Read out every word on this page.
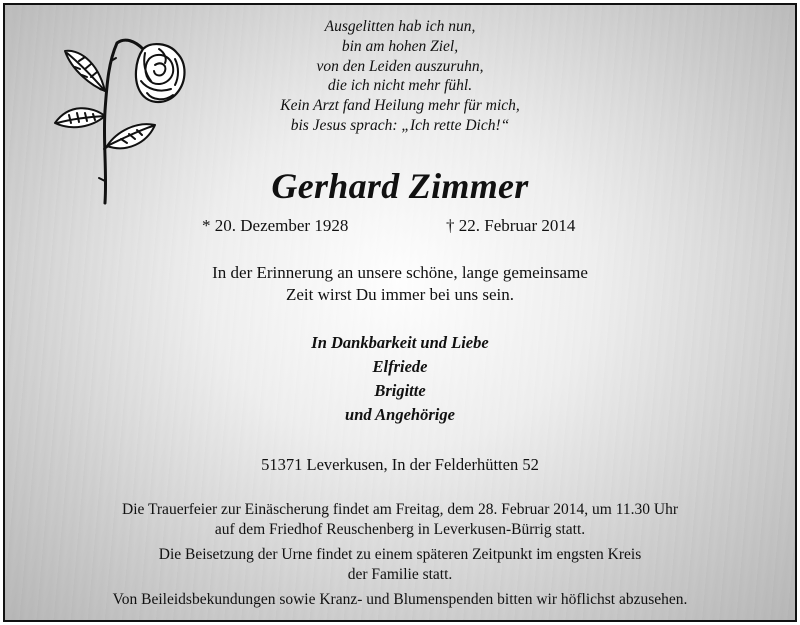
Ausgelitten hab ich nun,
bin am hohen Ziel,
von den Leiden auszuruhn,
die ich nicht mehr fühl.
Kein Arzt fand Heilung mehr für mich,
bis Jesus sprach: „Ich rette Dich!“
Gerhard Zimmer
* 20. Dezember 1928	† 22. Februar 2014
In der Erinnerung an unsere schöne, lange gemeinsame
Zeit wirst Du immer bei uns sein.
In Dankbarkeit und Liebe
Elfriede
Brigitte
und Angehörige
51371 Leverkusen, In der Felderhütten 52
Die Trauerfeier zur Einäscherung findet am Freitag, dem 28. Februar 2014, um 11.30 Uhr
auf dem Friedhof Reuschenberg in Leverkusen-Bürrig statt.
Die Beisetzung der Urne findet zu einem späteren Zeitpunkt im engsten Kreis
der Familie statt.
Von Beileidsbekundungen sowie Kranz- und Blumenspenden bitten wir höflichst abzusehen.
